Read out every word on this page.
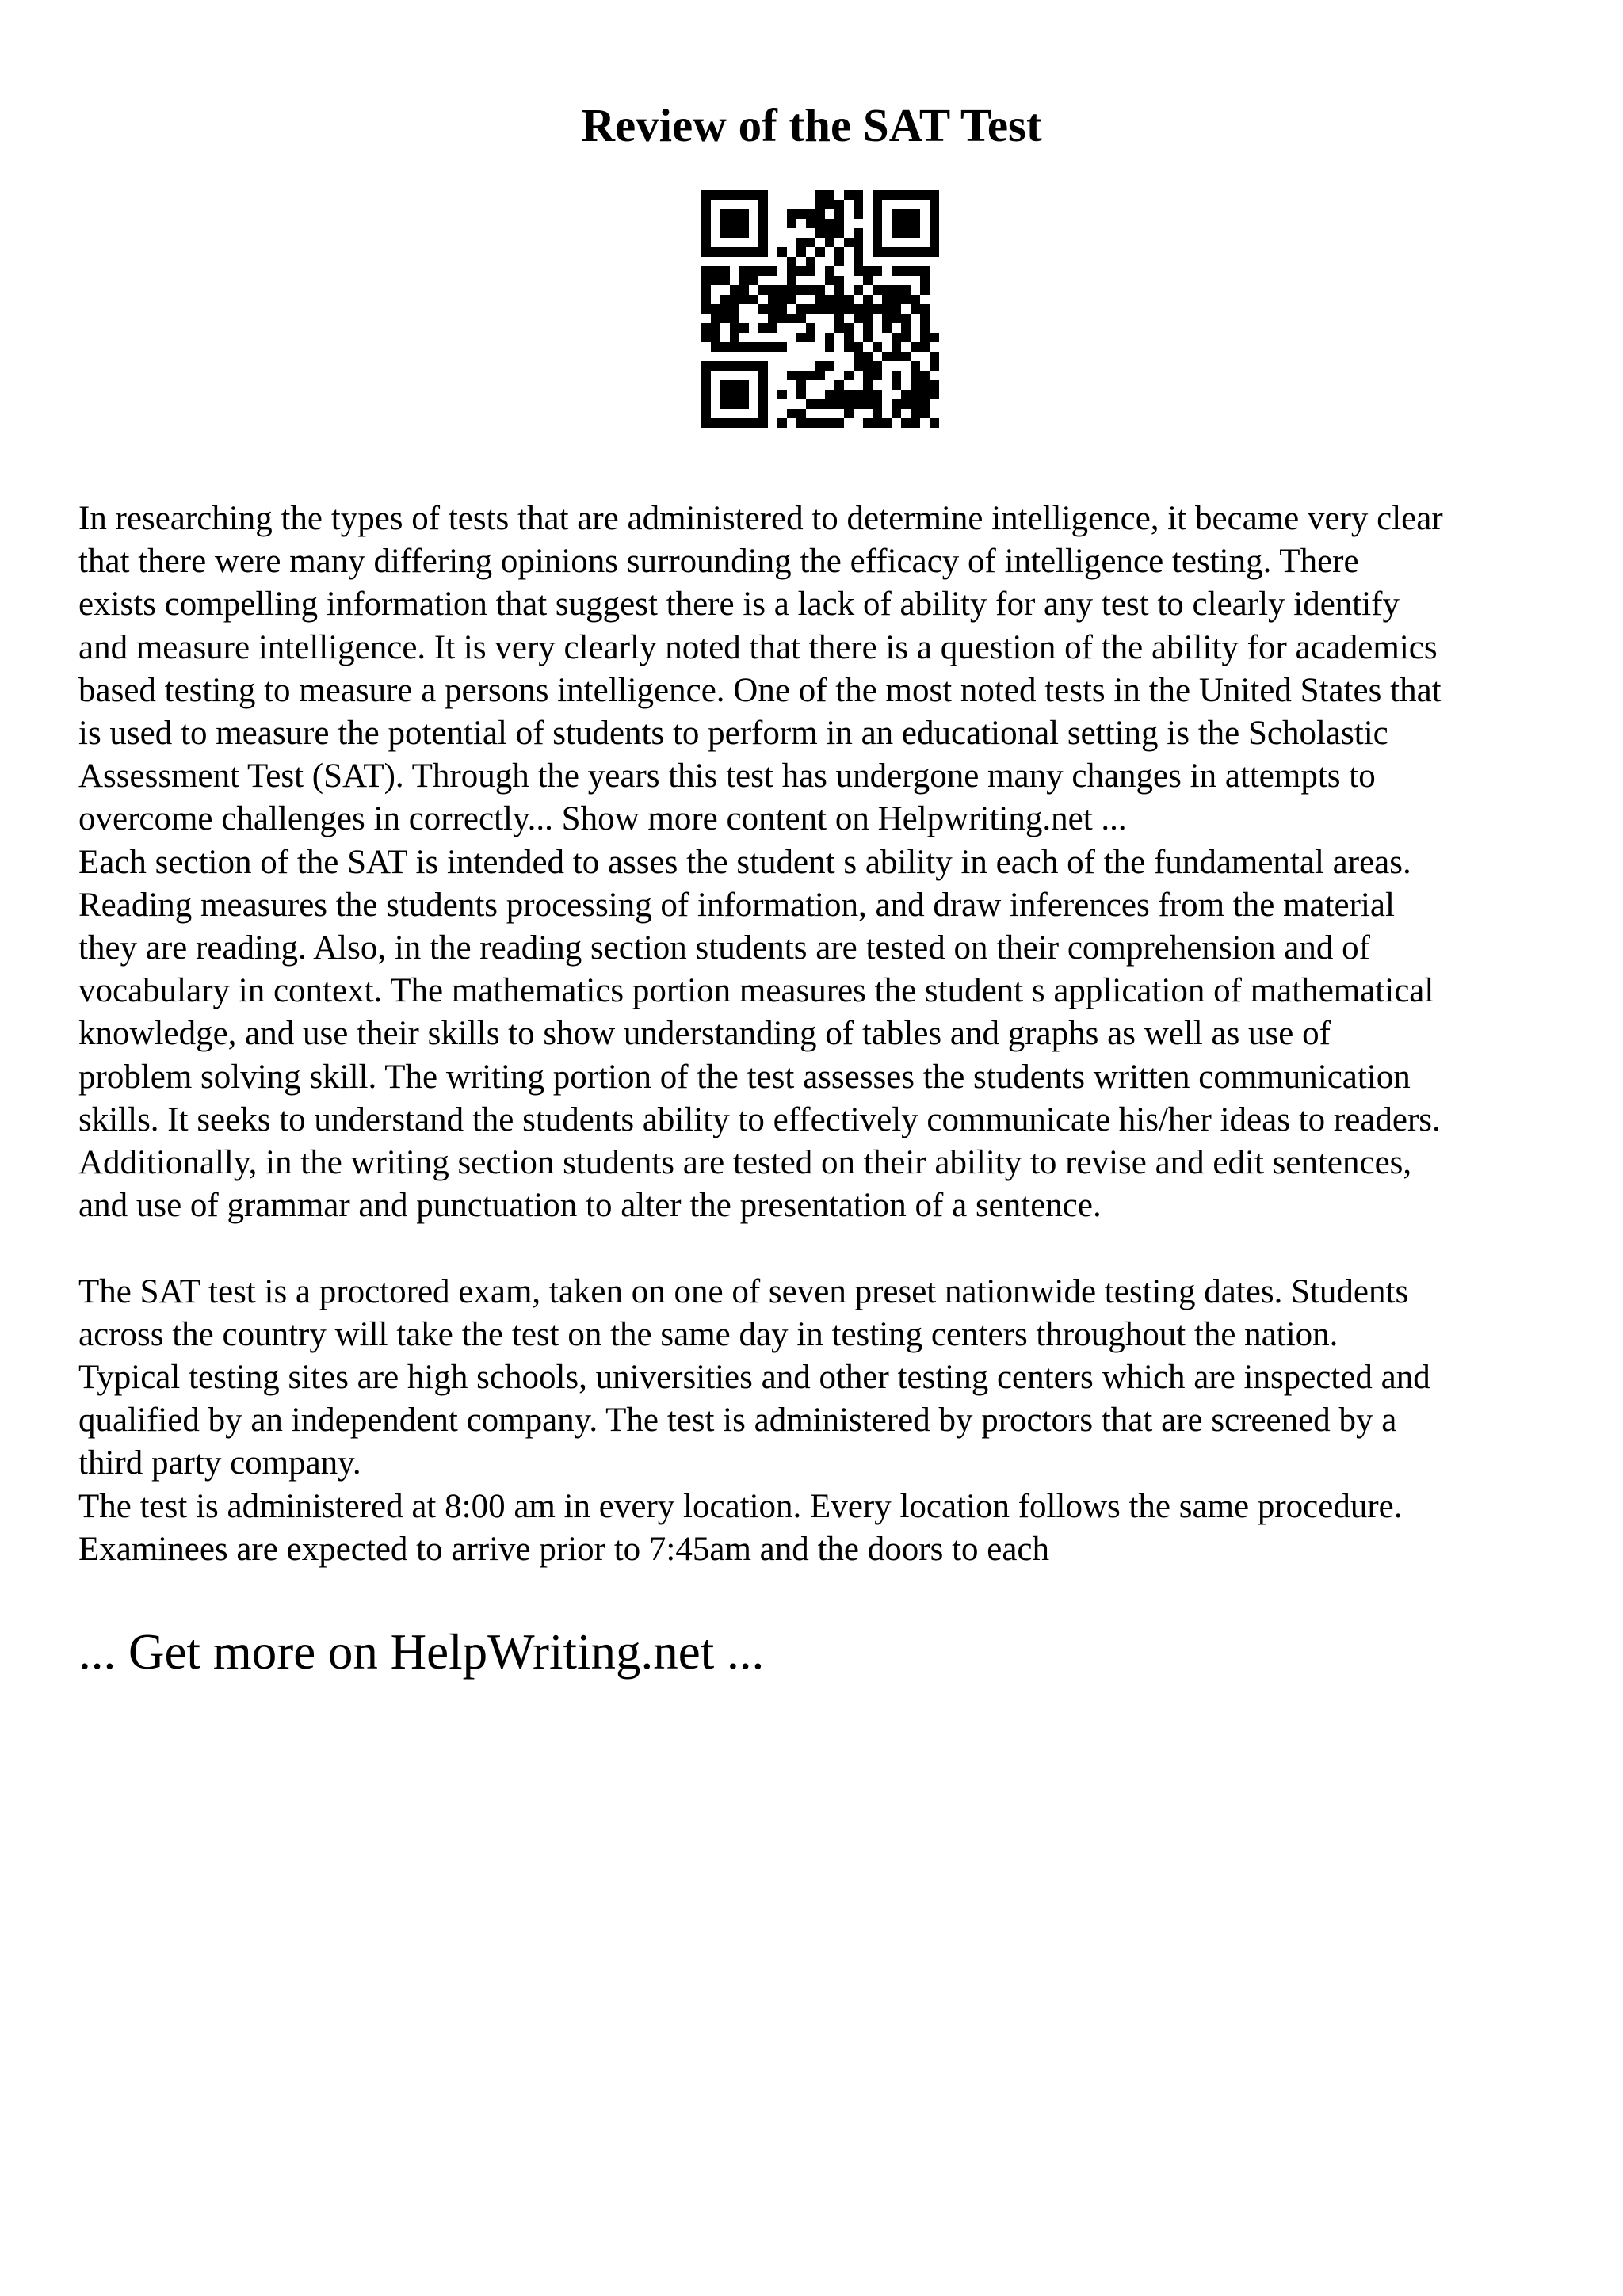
Review of the SAT Test

In researching the types of tests that are administered to determine intelligence, it became very clear

that there were many differing opinions surrounding the efficacy of intelligence testing. There

exists compelling information that suggest there is a lack of ability for any test to clearly identify

and measure intelligence. It is very clearly noted that there is a question of the ability for academics

based testing to measure a persons intelligence. One of the most noted tests in the United States that

is used to measure the potential of students to perform in an educational setting is the Scholastic

Assessment Test (SAT). Through the years this test has undergone many changes in attempts to

overcome challenges in correctly... Show more content on Helpwriting.net ...

Each section of the SAT is intended to asses the student s ability in each of the fundamental areas.

Reading measures the students processing of information, and draw inferences from the material

they are reading. Also, in the reading section students are tested on their comprehension and of

vocabulary in context. The mathematics portion measures the student s application of mathematical

knowledge, and use their skills to show understanding of tables and graphs as well as use of

problem solving skill. The writing portion of the test assesses the students written communication

skills. It seeks to understand the students ability to effectively communicate his/her ideas to readers.

Additionally, in the writing section students are tested on their ability to revise and edit sentences,

and use of grammar and punctuation to alter the presentation of a sentence.

The SAT test is a proctored exam, taken on one of seven preset nationwide testing dates. Students

across the country will take the test on the same day in testing centers throughout the nation.

Typical testing sites are high schools, universities and other testing centers which are inspected and

qualified by an independent company. The test is administered by proctors that are screened by a

third party company.

The test is administered at 8:00 am in every location. Every location follows the same procedure.

Examinees are expected to arrive prior to 7:45am and the doors to each

... Get more on HelpWriting.net ...
